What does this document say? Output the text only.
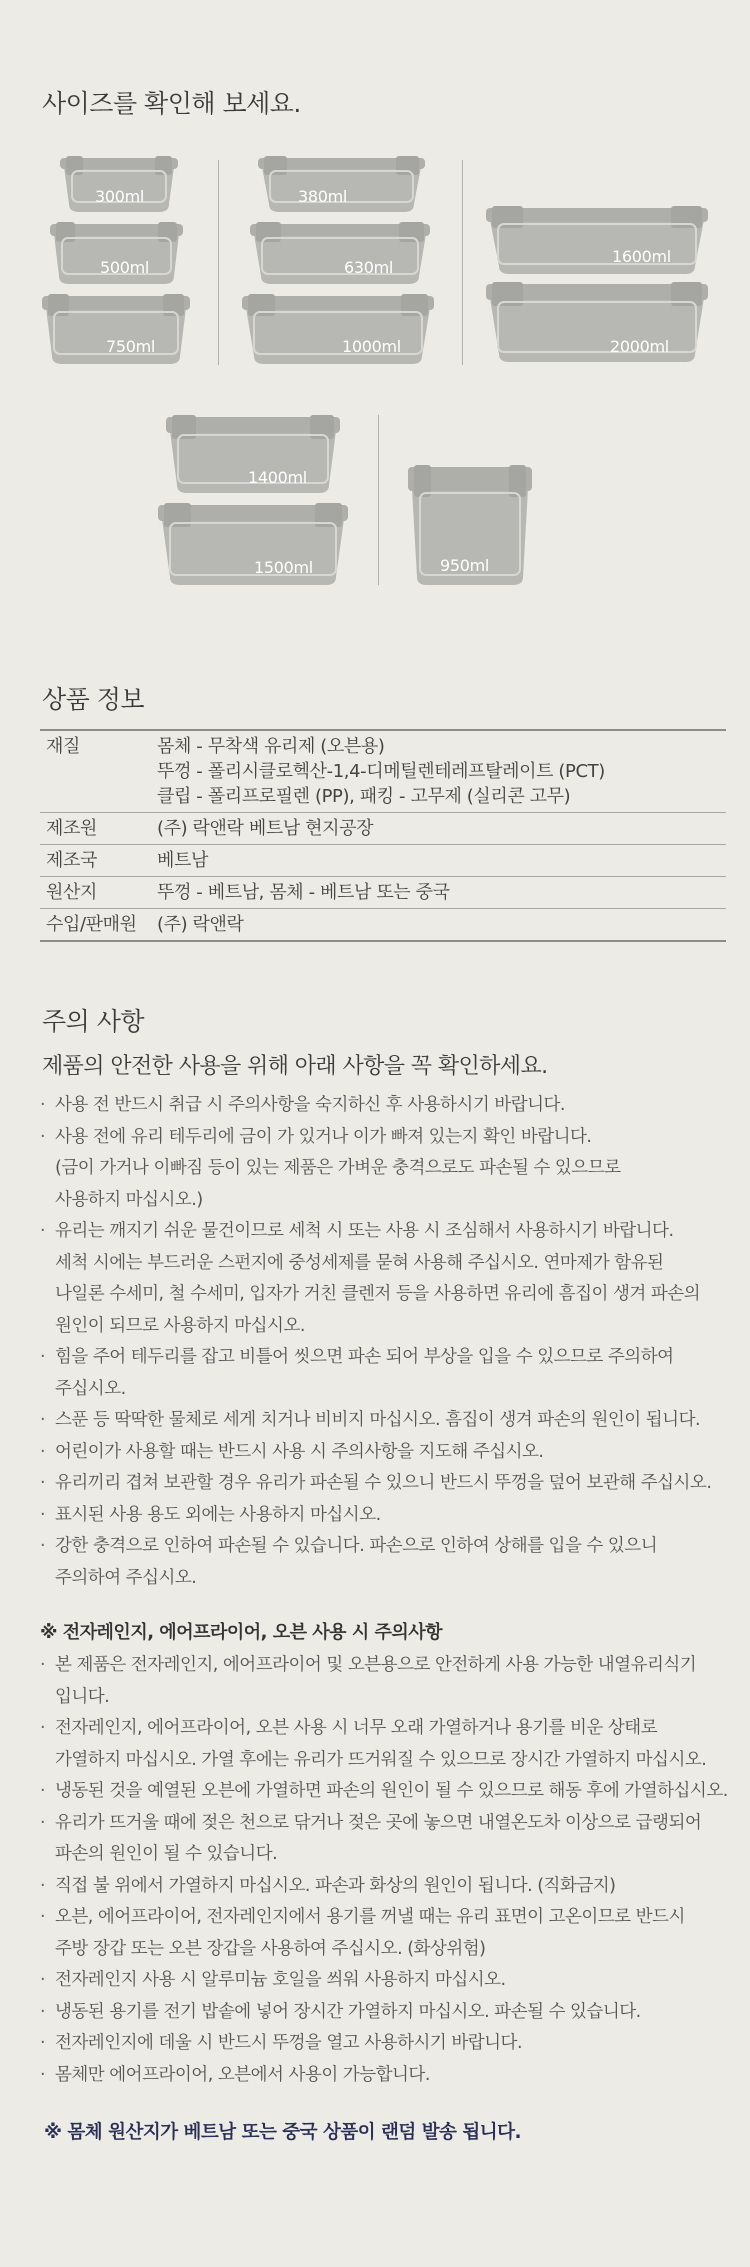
사이즈를 확인해 보세요.
300ml
500ml
750ml
380ml
630ml
1000ml
1600ml
2000ml
1400ml
1500ml	950ml
상품 정보
재질	몸체 - 무착색 유리제 (오븐용)
뚜껑 - 폴리시클로헥산-1,4-디메틸렌테레프탈레이트 (PCT)
클립 - 폴리프로필렌 (PP), 패킹 - 고무제 (실리콘 고무)

제조원	(주) 락앤락 베트남 현지공장
제조국	베트남
원산지	뚜껑 - 베트남, 몸체 - 베트남 또는 중국
수입/판매원	(주) 락앤락
주의 사항
제품의 안전한 사용을 위해 아래 사항을 꼭 확인하세요.
· 사용 전 반드시 취급 시 주의사항을 숙지하신 후 사용하시기 바랍니다.
· 사용 전에 유리 테두리에 금이 가 있거나 이가 빠져 있는지 확인 바랍니다.
(금이 가거나 이빠짐 등이 있는 제품은 가벼운 충격으로도 파손될 수 있으므로
사용하지 마십시오.)
· 유리는 깨지기 쉬운 물건이므로 세척 시 또는 사용 시 조심해서 사용하시기 바랍니다.
세척 시에는 부드러운 스펀지에 중성세제를 묻혀 사용해 주십시오. 연마제가 함유된
나일론 수세미, 철 수세미, 입자가 거친 클렌저 등을 사용하면 유리에 흠집이 생겨 파손의
원인이 되므로 사용하지 마십시오.
· 힘을 주어 테두리를 잡고 비틀어 씻으면 파손 되어 부상을 입을 수 있으므로 주의하여
주십시오.
· 스푼 등 딱딱한 물체로 세게 치거나 비비지 마십시오. 흠집이 생겨 파손의 원인이 됩니다.
· 어린이가 사용할 때는 반드시 사용 시 주의사항을 지도해 주십시오.
· 유리끼리 겹쳐 보관할 경우 유리가 파손될 수 있으니 반드시 뚜껑을 덮어 보관해 주십시오.
· 표시된 사용 용도 외에는 사용하지 마십시오.
· 강한 충격으로 인하여 파손될 수 있습니다. 파손으로 인하여 상해를 입을 수 있으니
주의하여 주십시오.
※ 전자레인지, 에어프라이어, 오븐 사용 시 주의사항
· 본 제품은 전자레인지, 에어프라이어 및 오븐용으로 안전하게 사용 가능한 내열유리식기
입니다.
· 전자레인지, 에어프라이어, 오븐 사용 시 너무 오래 가열하거나 용기를 비운 상태로
가열하지 마십시오. 가열 후에는 유리가 뜨거워질 수 있으므로 장시간 가열하지 마십시오.
· 냉동된 것을 예열된 오븐에 가열하면 파손의 원인이 될 수 있으므로 해동 후에 가열하십시오.
· 유리가 뜨거울 때에 젖은 천으로 닦거나 젖은 곳에 놓으면 내열온도차 이상으로 급랭되어
파손의 원인이 될 수 있습니다.
· 직접 불 위에서 가열하지 마십시오. 파손과 화상의 원인이 됩니다. (직화금지)
· 오븐, 에어프라이어, 전자레인지에서 용기를 꺼낼 때는 유리 표면이 고온이므로 반드시
주방 장갑 또는 오븐 장갑을 사용하여 주십시오. (화상위험)
· 전자레인지 사용 시 알루미늄 호일을 씌워 사용하지 마십시오.
· 냉동된 용기를 전기 밥솥에 넣어 장시간 가열하지 마십시오. 파손될 수 있습니다.
· 전자레인지에 데울 시 반드시 뚜껑을 열고 사용하시기 바랍니다.
· 몸체만 에어프라이어, 오븐에서 사용이 가능합니다.
※ 몸체 원산지가 베트남 또는 중국 상품이 랜덤 발송 됩니다.
